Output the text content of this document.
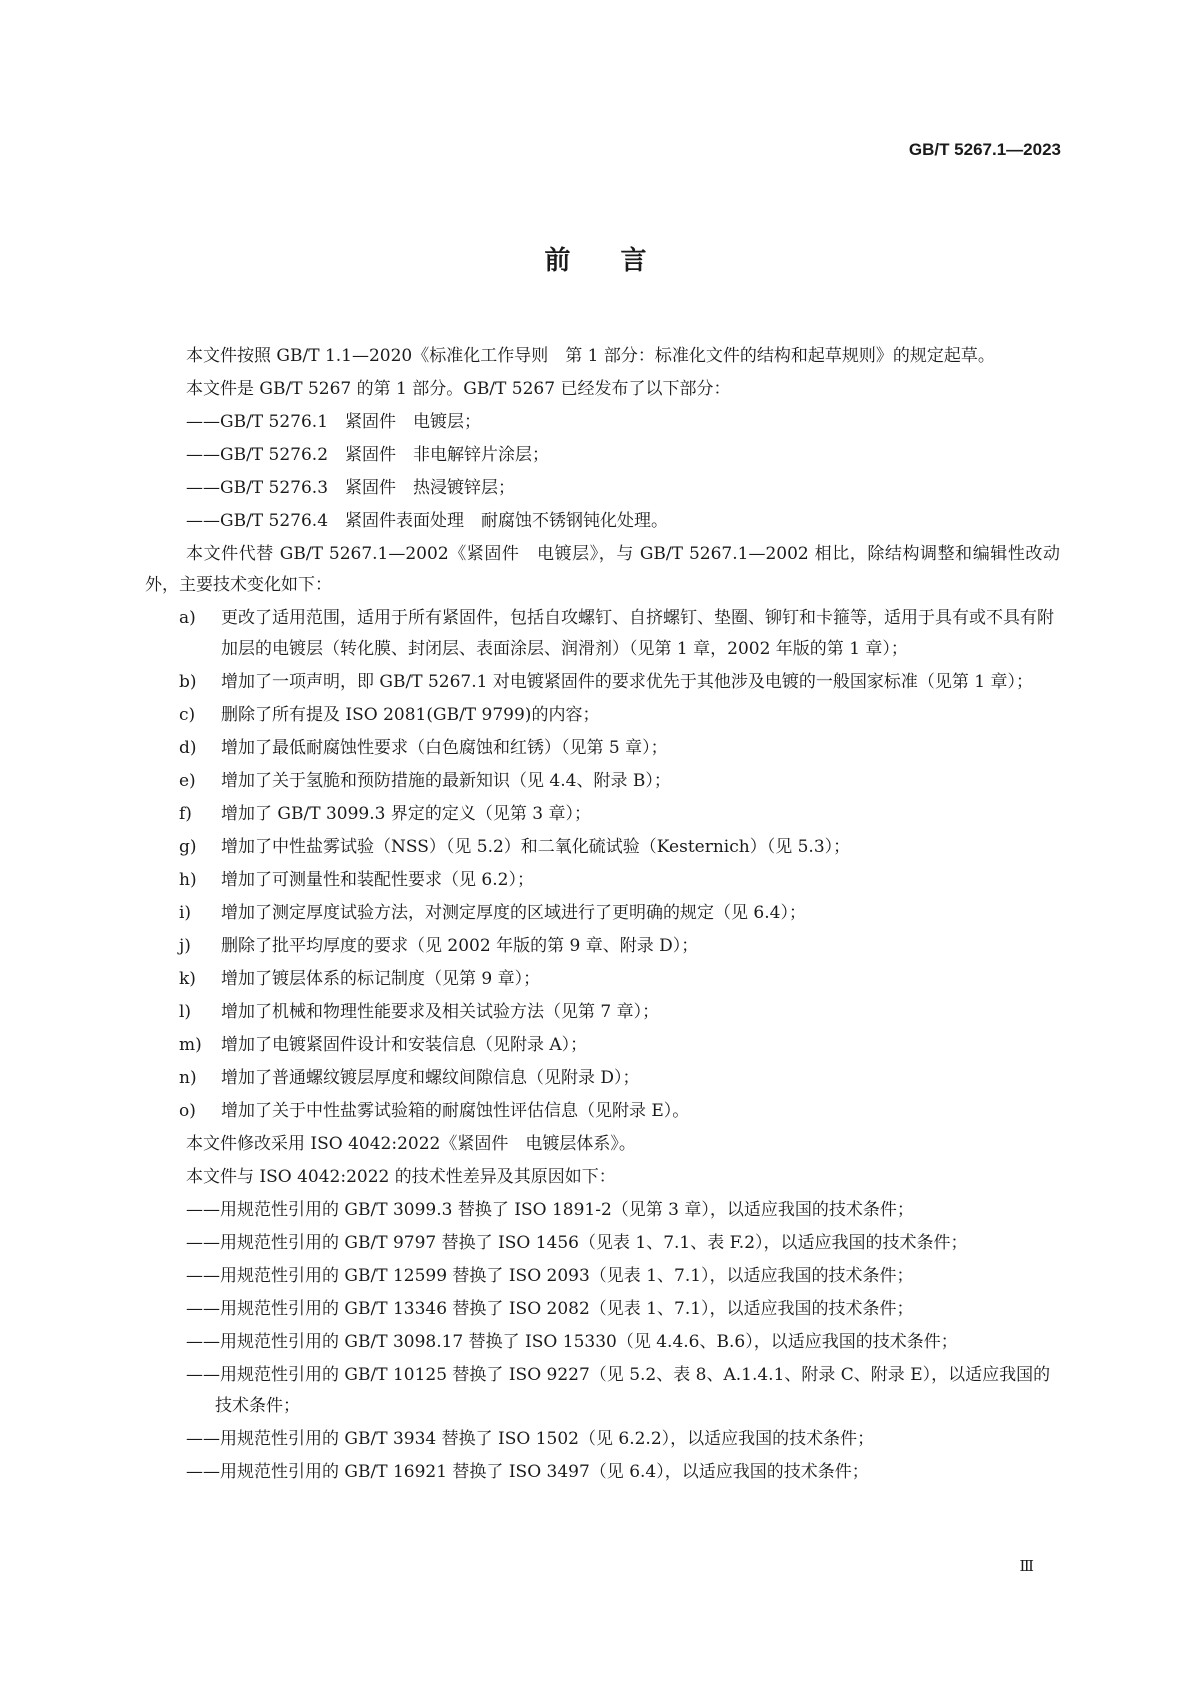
GB/T 5267.1—2023

前言

本文件按照 GB/T 1.1—2020《标准化工作导则　第 1 部分：标准化文件的结构和起草规则》的规定起草。

本文件是 GB/T 5267 的第 1 部分。GB/T 5267 已经发布了以下部分：

——GB/T 5276.1　紧固件　电镀层；

——GB/T 5276.2　紧固件　非电解锌片涂层；

——GB/T 5276.3　紧固件　热浸镀锌层；

——GB/T 5276.4　紧固件表面处理　耐腐蚀不锈钢钝化处理。

本文件代替 GB/T 5267.1—2002《紧固件　电镀层》，与 GB/T 5267.1—2002 相比，除结构调整和编辑性改动外，主要技术变化如下：

a) 更改了适用范围，适用于所有紧固件，包括自攻螺钉、自挤螺钉、垫圈、铆钉和卡箍等，适用于具有或不具有附加层的电镀层（转化膜、封闭层、表面涂层、润滑剂）（见第 1 章，2002 年版的第 1 章）；

b) 增加了一项声明，即 GB/T 5267.1 对电镀紧固件的要求优先于其他涉及电镀的一般国家标准（见第 1 章）；

c) 删除了所有提及 ISO 2081(GB/T 9799)的内容；

d) 增加了最低耐腐蚀性要求（白色腐蚀和红锈）（见第 5 章）；

e) 增加了关于氢脆和预防措施的最新知识（见 4.4、附录 B）；

f) 增加了 GB/T 3099.3 界定的定义（见第 3 章）；

g) 增加了中性盐雾试验（NSS）（见 5.2）和二氧化硫试验（Kesternich）（见 5.3）；

h) 增加了可测量性和装配性要求（见 6.2）；

i) 增加了测定厚度试验方法，对测定厚度的区域进行了更明确的规定（见 6.4）；

j) 删除了批平均厚度的要求（见 2002 年版的第 9 章、附录 D）；

k) 增加了镀层体系的标记制度（见第 9 章）；

l) 增加了机械和物理性能要求及相关试验方法（见第 7 章）；

m) 增加了电镀紧固件设计和安装信息（见附录 A）；

n) 增加了普通螺纹镀层厚度和螺纹间隙信息（见附录 D）；

o) 增加了关于中性盐雾试验箱的耐腐蚀性评估信息（见附录 E）。

本文件修改采用 ISO 4042:2022《紧固件　电镀层体系》。

本文件与 ISO 4042:2022 的技术性差异及其原因如下：

——用规范性引用的 GB/T 3099.3 替换了 ISO 1891-2（见第 3 章），以适应我国的技术条件；

——用规范性引用的 GB/T 9797 替换了 ISO 1456（见表 1、7.1、表 F.2），以适应我国的技术条件；

——用规范性引用的 GB/T 12599 替换了 ISO 2093（见表 1、7.1），以适应我国的技术条件；

——用规范性引用的 GB/T 13346 替换了 ISO 2082（见表 1、7.1），以适应我国的技术条件；

——用规范性引用的 GB/T 3098.17 替换了 ISO 15330（见 4.4.6、B.6），以适应我国的技术条件；

——用规范性引用的 GB/T 10125 替换了 ISO 9227（见 5.2、表 8、A.1.4.1、附录 C、附录 E），以适应我国的技术条件；

——用规范性引用的 GB/T 3934 替换了 ISO 1502（见 6.2.2），以适应我国的技术条件；

——用规范性引用的 GB/T 16921 替换了 ISO 3497（见 6.4），以适应我国的技术条件；

Ⅲ
